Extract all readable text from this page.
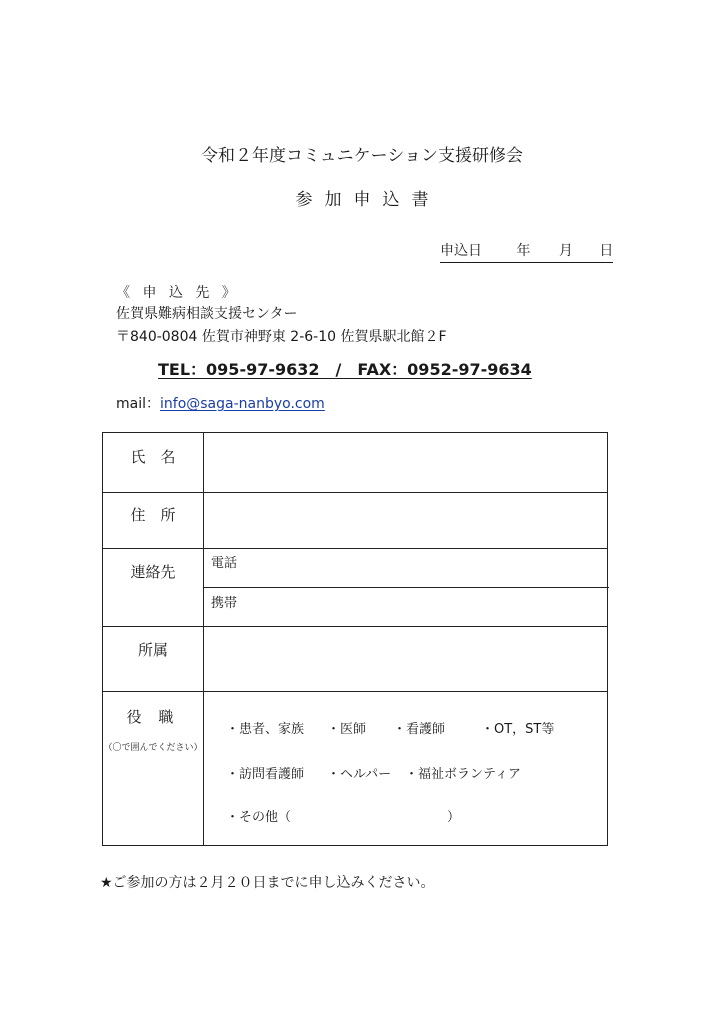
令和２年度コミュニケーション支援研修会
参加申込書
申込日 年 月 日
《 申 込 先 》
佐賀県難病相談支援センター
〒840-0804 佐賀市神野東 2-6-10 佐賀県駅北館２F
TEL：095-97-9632　/　FAX：0952-97-9634
mail：info@saga-nanbyo.com
氏　名
住　所
連絡先	電話
携帯
所属
役 職
（〇で囲んでください）
・患者、家族 ・医師 ・看護師	・OT，ST等
・訪問看護師 ・ヘルパー ・福祉ボランティア
・その他（　　　　　　　　　　　　）
★ご参加の方は２月２０日までに申し込みください。
